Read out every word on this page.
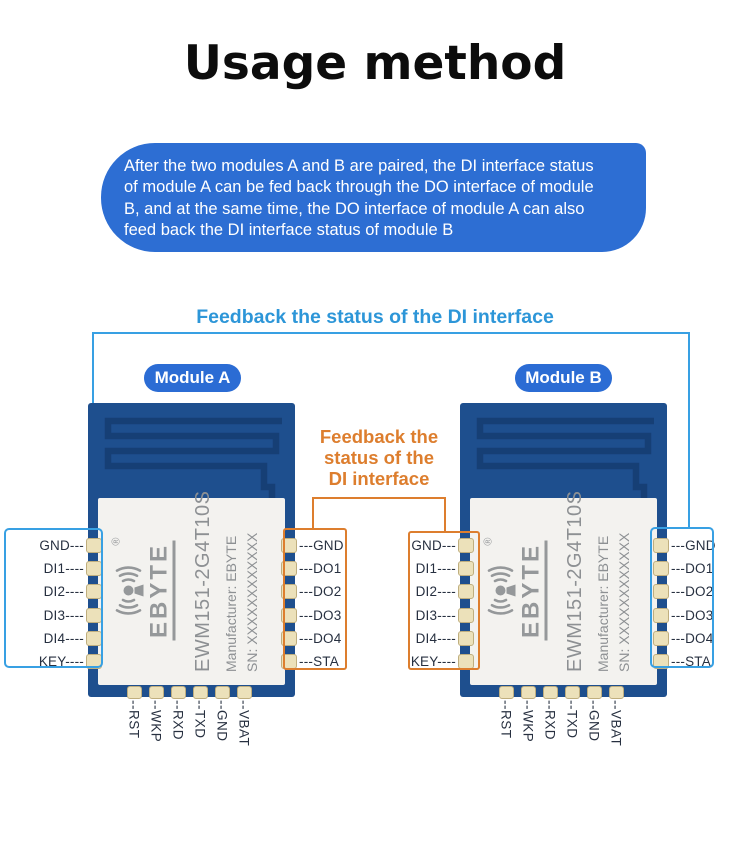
Usage method
After the two modules A and B are paired, the DI interface status
of module A can be fed back through the DO interface of module
B, and at the same time, the DO interface of module A can also
feed back the DI interface status of module B
Feedback the status of the DI interface
Feedback the
status of the
DI interface
Module A	Module B
®
EBYTE EWM151-2G4T10S Manufacturer: EBYTE SN: XXXXXXXXXXXX
GND---
DI1----
DI2----
DI3----
DI4----
KEY----
---GND
---DO1
---DO2
---DO3
---DO4
---STA
--RST --WKP --RXD --TXD --GND --VBAT
®
EBYTE EWM151-2G4T10S Manufacturer: EBYTE SN: XXXXXXXXXXXX
GND---
DI1----
DI2----
DI3----
DI4----
KEY----
---GND
---DO1
---DO2
---DO3
---DO4
---STA
--RST --WKP --RXD --TXD --GND --VBAT
